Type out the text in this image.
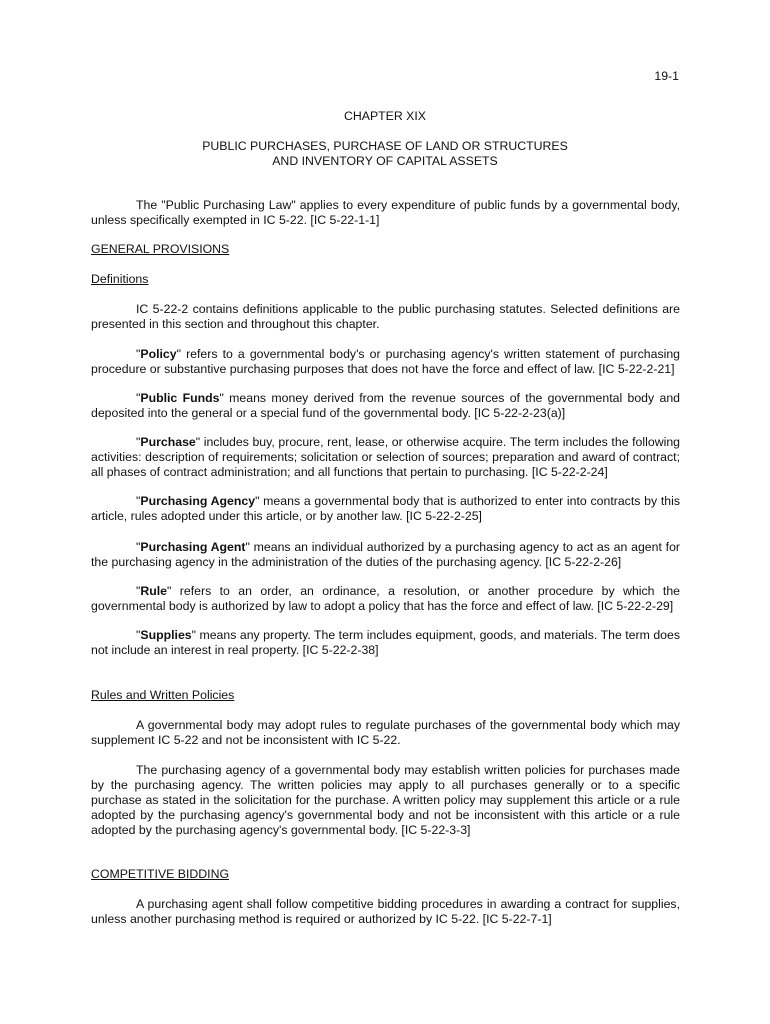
19-1
CHAPTER XIX
PUBLIC PURCHASES, PURCHASE OF LAND OR STRUCTURES
AND INVENTORY OF CAPITAL ASSETS
The "Public Purchasing Law" applies to every expenditure of public funds by a governmental body, unless specifically exempted in IC 5-22. [IC 5-22-1-1]
GENERAL PROVISIONS
Definitions
IC 5-22-2 contains definitions applicable to the public purchasing statutes. Selected definitions are presented in this section and throughout this chapter.
"Policy" refers to a governmental body's or purchasing agency's written statement of purchasing procedure or substantive purchasing purposes that does not have the force and effect of law. [IC 5-22-2-21]
"Public Funds" means money derived from the revenue sources of the governmental body and deposited into the general or a special fund of the governmental body. [IC 5-22-2-23(a)]
"Purchase" includes buy, procure, rent, lease, or otherwise acquire. The term includes the following activities: description of requirements; solicitation or selection of sources; preparation and award of contract; all phases of contract administration; and all functions that pertain to purchasing. [IC 5-22-2-24]
"Purchasing Agency" means a governmental body that is authorized to enter into contracts by this article, rules adopted under this article, or by another law. [IC 5-22-2-25]
"Purchasing Agent" means an individual authorized by a purchasing agency to act as an agent for the purchasing agency in the administration of the duties of the purchasing agency. [IC 5-22-2-26]
"Rule" refers to an order, an ordinance, a resolution, or another procedure by which the governmental body is authorized by law to adopt a policy that has the force and effect of law. [IC 5-22-2-29]
"Supplies" means any property. The term includes equipment, goods, and materials. The term does not include an interest in real property. [IC 5-22-2-38]
Rules and Written Policies
A governmental body may adopt rules to regulate purchases of the governmental body which may supplement IC 5-22 and not be inconsistent with IC 5-22.
The purchasing agency of a governmental body may establish written policies for purchases made by the purchasing agency. The written policies may apply to all purchases generally or to a specific purchase as stated in the solicitation for the purchase. A written policy may supplement this article or a rule adopted by the purchasing agency's governmental body and not be inconsistent with this article or a rule adopted by the purchasing agency's governmental body. [IC 5-22-3-3]
COMPETITIVE BIDDING
A purchasing agent shall follow competitive bidding procedures in awarding a contract for supplies, unless another purchasing method is required or authorized by IC 5-22. [IC 5-22-7-1]
